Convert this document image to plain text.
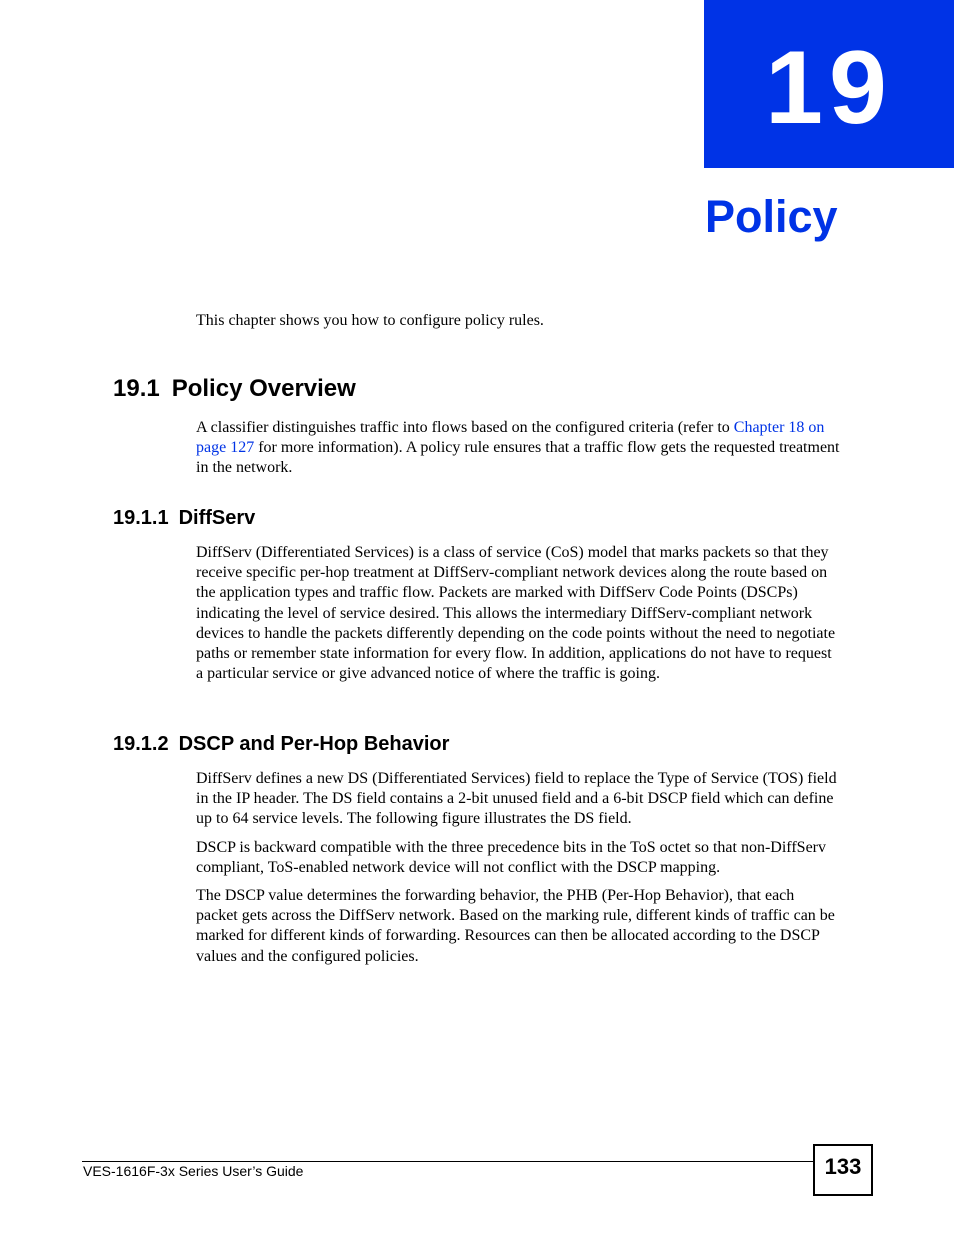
19
Policy

This chapter shows you how to configure policy rules.

19.1 Policy Overview

A classifier distinguishes traffic into flows based on the configured criteria (refer to Chapter 18 on page 127 for more information). A policy rule ensures that a traffic flow gets the requested treatment in the network.

19.1.1 DiffServ

DiffServ (Differentiated Services) is a class of service (CoS) model that marks packets so that they receive specific per-hop treatment at DiffServ-compliant network devices along the route based on the application types and traffic flow. Packets are marked with DiffServ Code Points (DSCPs) indicating the level of service desired. This allows the intermediary DiffServ-compliant network devices to handle the packets differently depending on the code points without the need to negotiate paths or remember state information for every flow. In addition, applications do not have to request a particular service or give advanced notice of where the traffic is going.

19.1.2 DSCP and Per-Hop Behavior

DiffServ defines a new DS (Differentiated Services) field to replace the Type of Service (TOS) field in the IP header. The DS field contains a 2-bit unused field and a 6-bit DSCP field which can define up to 64 service levels. The following figure illustrates the DS field.

DSCP is backward compatible with the three precedence bits in the ToS octet so that non-DiffServ compliant, ToS-enabled network device will not conflict with the DSCP mapping.

The DSCP value determines the forwarding behavior, the PHB (Per-Hop Behavior), that each packet gets across the DiffServ network. Based on the marking rule, different kinds of traffic can be marked for different kinds of forwarding. Resources can then be allocated according to the DSCP values and the configured policies.

VES-1616F-3x Series User’s Guide	133
